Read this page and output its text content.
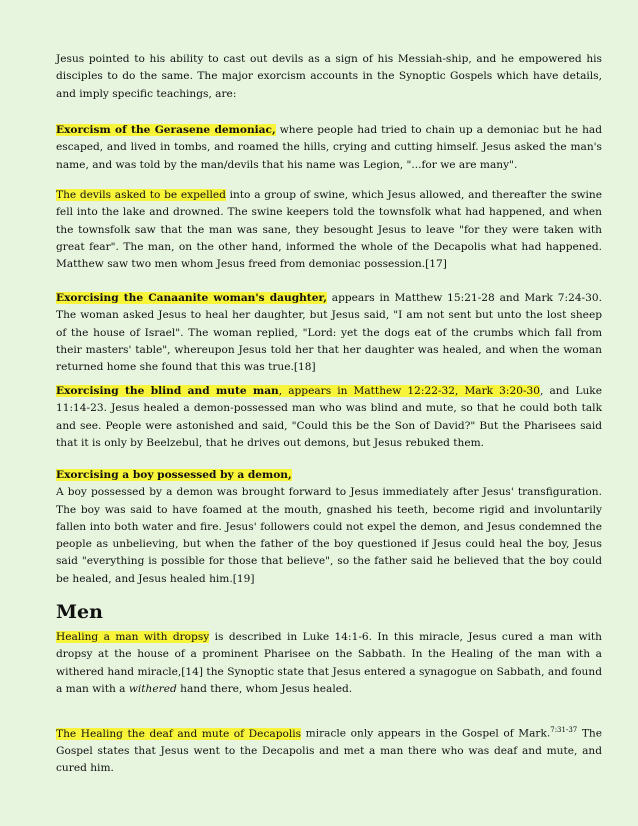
Jesus pointed to his ability to cast out devils as a sign of his Messiah-ship, and he empowered his disciples to do the same. The major exorcism accounts in the Synoptic Gospels which have details, and imply specific teachings, are:

Exorcism of the Gerasene demoniac, where people had tried to chain up a demoniac but he had escaped, and lived in tombs, and roamed the hills, crying and cutting himself. Jesus asked the man's name, and was told by the man/devils that his name was Legion, "...for we are many".

The devils asked to be expelled into a group of swine, which Jesus allowed, and thereafter the swine fell into the lake and drowned. The swine keepers told the townsfolk what had happened, and when the townsfolk saw that the man was sane, they besought Jesus to leave "for they were taken with great fear". The man, on the other hand, informed the whole of the Decapolis what had happened. Matthew saw two men whom Jesus freed from demoniac possession.[17]

Exorcising the Canaanite woman's daughter, appears in Matthew 15:21-28 and Mark 7:24-30. The woman asked Jesus to heal her daughter, but Jesus said, "I am not sent but unto the lost sheep of the house of Israel". The woman replied, "Lord: yet the dogs eat of the crumbs which fall from their masters' table", whereupon Jesus told her that her daughter was healed, and when the woman returned home she found that this was true.[18]

Exorcising the blind and mute man, appears in Matthew 12:22-32, Mark 3:20-30, and Luke 11:14-23. Jesus healed a demon-possessed man who was blind and mute, so that he could both talk and see. People were astonished and said, "Could this be the Son of David?" But the Pharisees said that it is only by Beelzebul, that he drives out demons, but Jesus rebuked them.

Exorcising a boy possessed by a demon,
A boy possessed by a demon was brought forward to Jesus immediately after Jesus' transfiguration. The boy was said to have foamed at the mouth, gnashed his teeth, become rigid and involuntarily fallen into both water and fire. Jesus' followers could not expel the demon, and Jesus condemned the people as unbelieving, but when the father of the boy questioned if Jesus could heal the boy, Jesus said "everything is possible for those that believe", so the father said he believed that the boy could be healed, and Jesus healed him.[19]

Men

Healing a man with dropsy is described in Luke 14:1-6. In this miracle, Jesus cured a man with dropsy at the house of a prominent Pharisee on the Sabbath. In the Healing of the man with a withered hand miracle,[14] the Synoptic state that Jesus entered a synagogue on Sabbath, and found a man with a withered hand there, whom Jesus healed.

The Healing the deaf and mute of Decapolis miracle only appears in the Gospel of Mark.$^{7:31-37}$ The Gospel states that Jesus went to the Decapolis and met a man there who was deaf and mute, and cured him.
